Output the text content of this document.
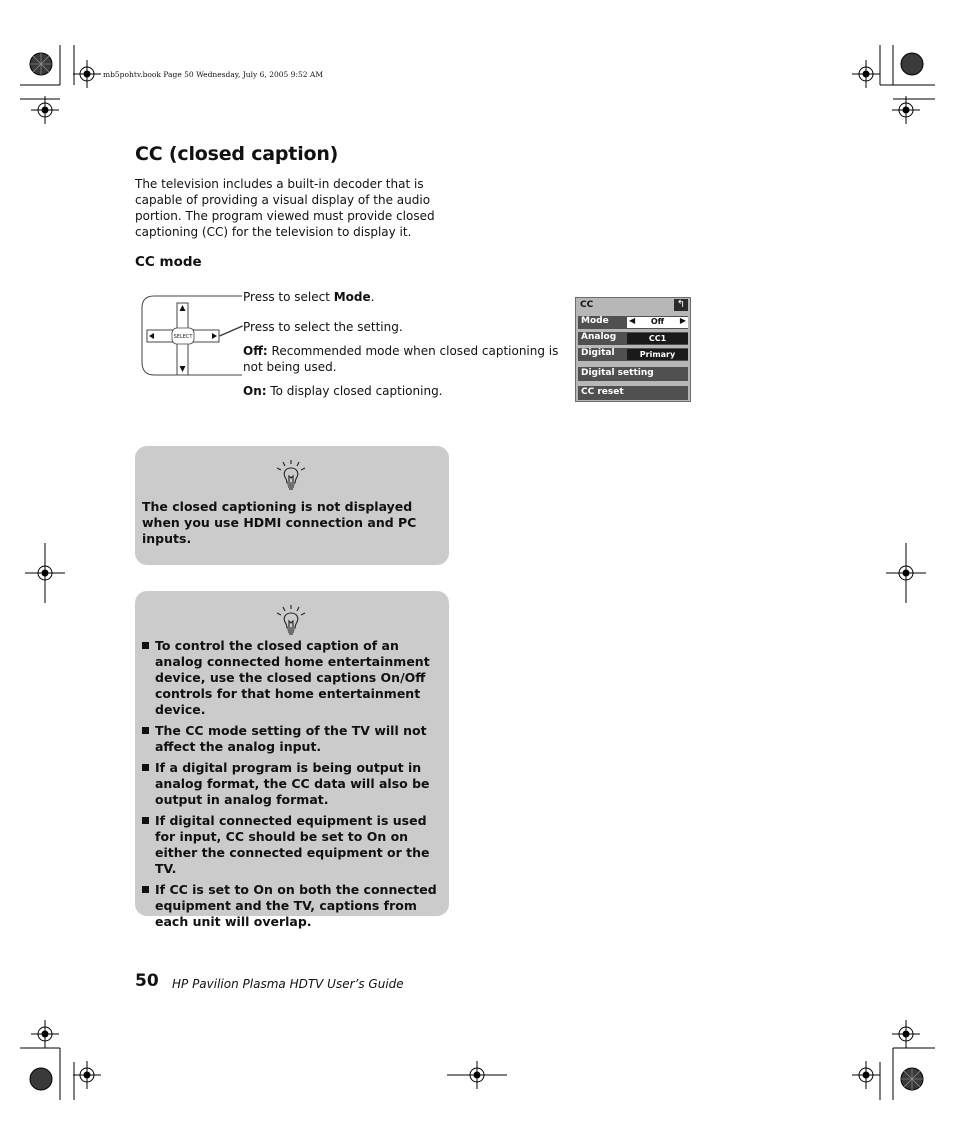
mb5pohtv.book Page 50 Wednesday, July 6, 2005 9:52 AM
CC (closed caption)
The television includes a built-in decoder that is capable of providing a visual display of the audio portion. The program viewed must provide closed captioning (CC) for the television to display it.
CC mode
SELECT
Press to select Mode.
Press to select the setting.
Off: Recommended mode when closed captioning is not being used.
On: To display closed captioning.
CC	↰
Mode	◀	Off	▶
Analog	CC1
Digital	Primary
Digital setting
CC reset
The closed captioning is not displayed when you use HDMI connection and PC inputs.
To control the closed caption of an analog connected home entertainment device, use the closed captions On/Off controls for that home entertainment device.
The CC mode setting of the TV will not affect the analog input.
If a digital program is being output in analog format, the CC data will also be output in analog format.
If digital connected equipment is used for input, CC should be set to On on either the connected equipment or the TV.
If CC is set to On on both the connected equipment and the TV, captions from each unit will overlap.
50 HP Pavilion Plasma HDTV User’s Guide
